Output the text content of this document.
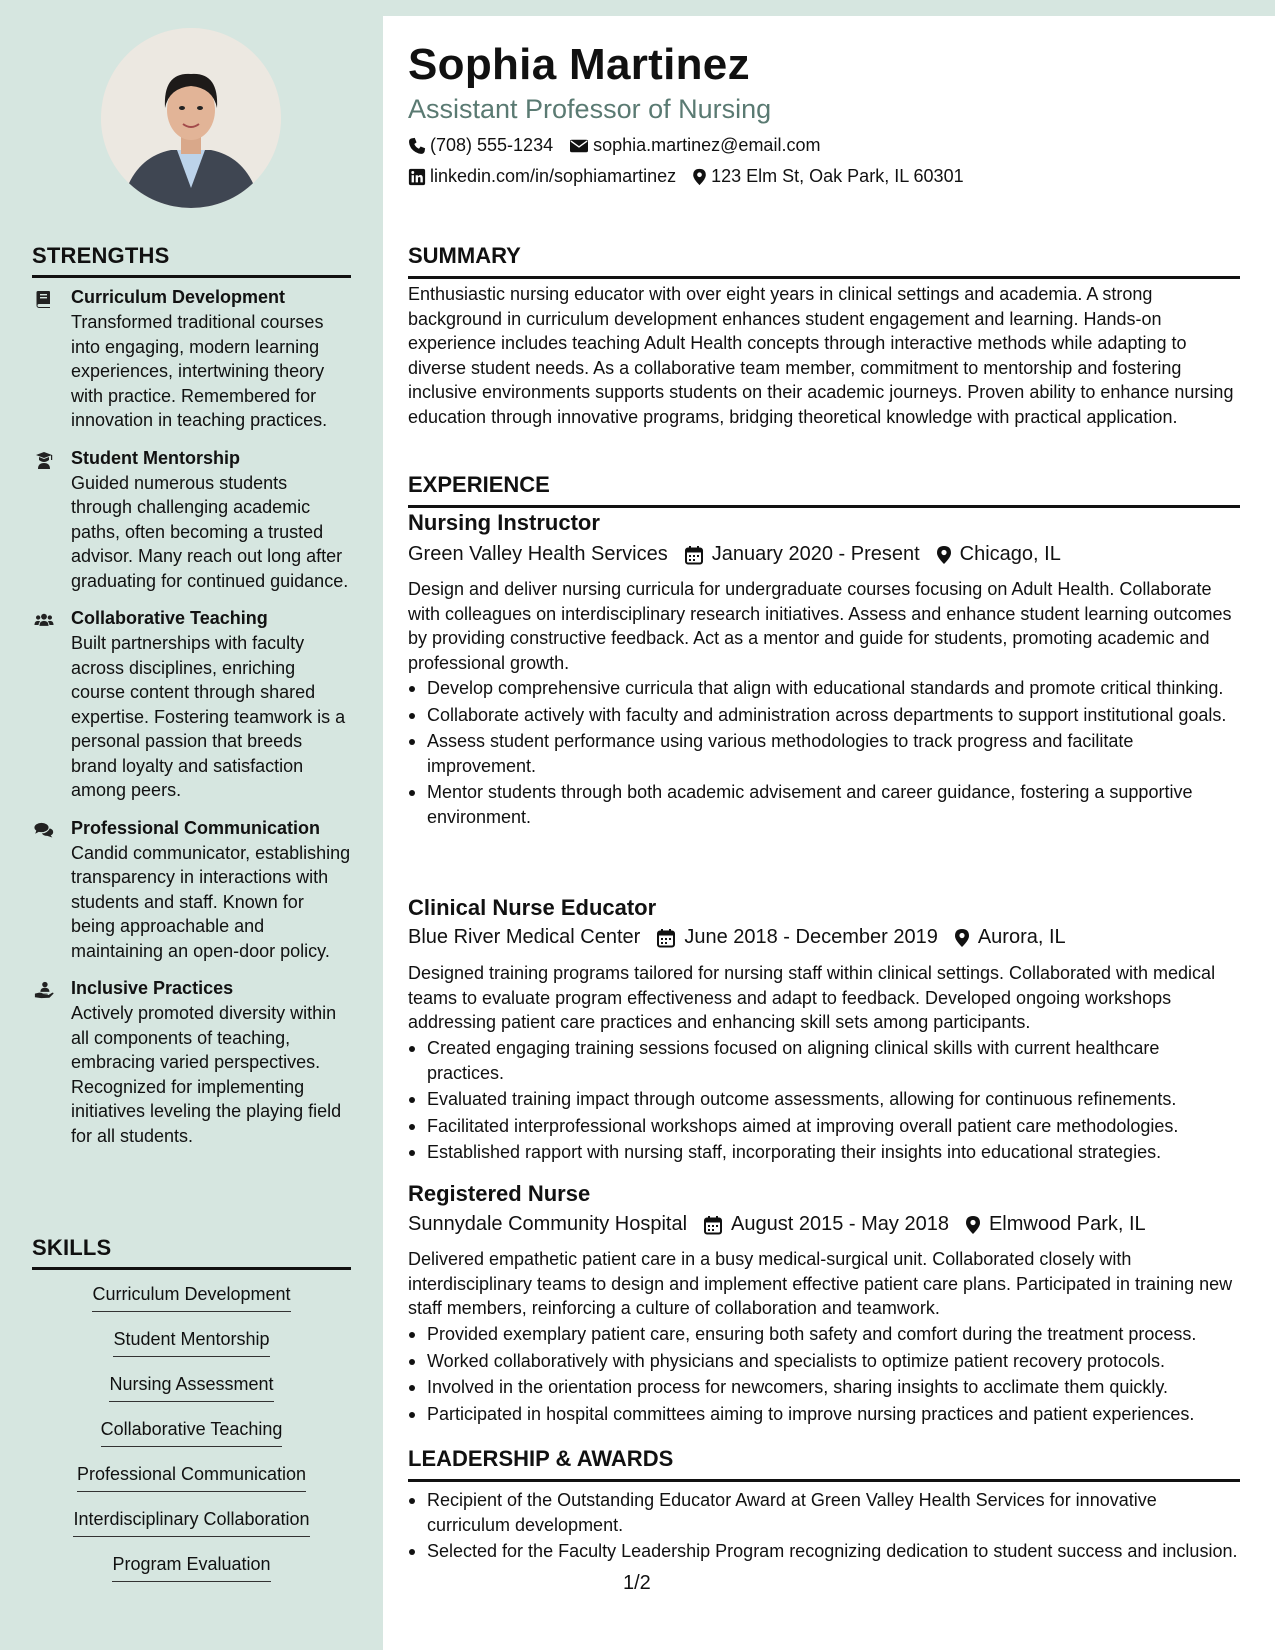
STRENGTHS
Curriculum Development
Transformed traditional courses into engaging, modern learning experiences, intertwining theory with practice. Remembered for innovation in teaching practices.
Student Mentorship
Guided numerous students through challenging academic paths, often becoming a trusted advisor. Many reach out long after graduating for continued guidance.
Collaborative Teaching
Built partnerships with faculty across disciplines, enriching course content through shared expertise. Fostering teamwork is a personal passion that breeds brand loyalty and satisfaction among peers.
Professional Communication
Candid communicator, establishing transparency in interactions with students and staff. Known for being approachable and maintaining an open-door policy.
Inclusive Practices
Actively promoted diversity within all components of teaching, embracing varied perspectives. Recognized for implementing initiatives leveling the playing field for all students.
SKILLS
Curriculum Development
Student Mentorship
Nursing Assessment
Collaborative Teaching
Professional Communication
Interdisciplinary Collaboration
Program Evaluation
Sophia Martinez
Assistant Professor of Nursing
(708) 555-1234 sophia.martinez@email.com
linkedin.com/in/sophiamartinez 123 Elm St, Oak Park, IL 60301
SUMMARY
Enthusiastic nursing educator with over eight years in clinical settings and academia. A strong background in curriculum development enhances student engagement and learning. Hands-on experience includes teaching Adult Health concepts through interactive methods while adapting to diverse student needs. As a collaborative team member, commitment to mentorship and fostering inclusive environments supports students on their academic journeys. Proven ability to enhance nursing education through innovative programs, bridging theoretical knowledge with practical application.
EXPERIENCE
Nursing Instructor
Green Valley Health Services January 2020 - Present Chicago, IL
Design and deliver nursing curricula for undergraduate courses focusing on Adult Health. Collaborate with colleagues on interdisciplinary research initiatives. Assess and enhance student learning outcomes by providing constructive feedback. Act as a mentor and guide for students, promoting academic and professional growth.
Develop comprehensive curricula that align with educational standards and promote critical thinking.
Collaborate actively with faculty and administration across departments to support institutional goals.
Assess student performance using various methodologies to track progress and facilitate improvement.
Mentor students through both academic advisement and career guidance, fostering a supportive environment.
Clinical Nurse Educator
Blue River Medical Center June 2018 - December 2019 Aurora, IL
Designed training programs tailored for nursing staff within clinical settings. Collaborated with medical teams to evaluate program effectiveness and adapt to feedback. Developed ongoing workshops addressing patient care practices and enhancing skill sets among participants.
Created engaging training sessions focused on aligning clinical skills with current healthcare practices.
Evaluated training impact through outcome assessments, allowing for continuous refinements.
Facilitated interprofessional workshops aimed at improving overall patient care methodologies.
Established rapport with nursing staff, incorporating their insights into educational strategies.
Registered Nurse
Sunnydale Community Hospital August 2015 - May 2018 Elmwood Park, IL
Delivered empathetic patient care in a busy medical-surgical unit. Collaborated closely with interdisciplinary teams to design and implement effective patient care plans. Participated in training new staff members, reinforcing a culture of collaboration and teamwork.
Provided exemplary patient care, ensuring both safety and comfort during the treatment process.
Worked collaboratively with physicians and specialists to optimize patient recovery protocols.
Involved in the orientation process for newcomers, sharing insights to acclimate them quickly.
Participated in hospital committees aiming to improve nursing practices and patient experiences.
LEADERSHIP & AWARDS
Recipient of the Outstanding Educator Award at Green Valley Health Services for innovative curriculum development.
Selected for the Faculty Leadership Program recognizing dedication to student success and inclusion.
1/2
